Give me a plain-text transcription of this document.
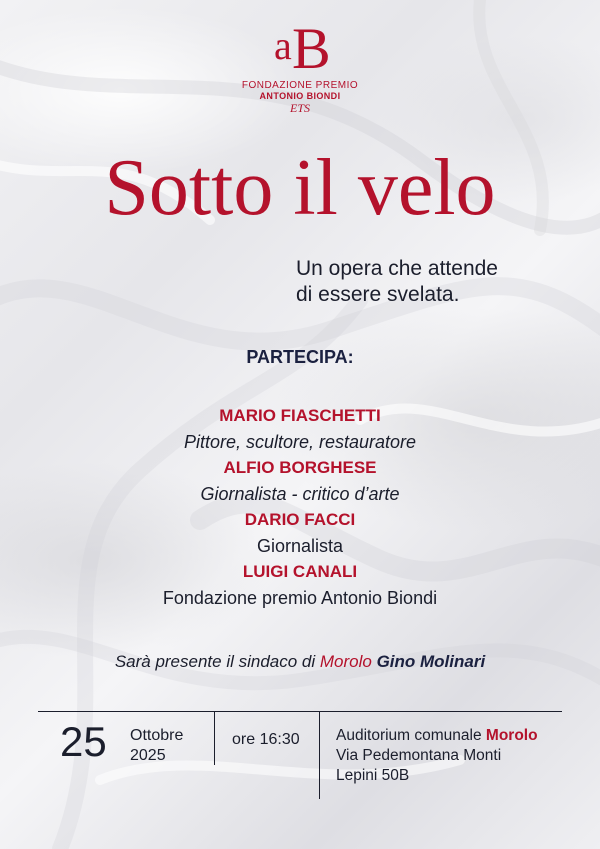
a B
FONDAZIONE PREMIO
ANTONIO BIONDI
ETS
Sotto il velo
Un opera che attende
di essere svelata.
PARTECIPA:
MARIO FIASCHETTI
Pittore, scultore, restauratore
ALFIO BORGHESE
Giornalista - critico d’arte
DARIO FACCI
Giornalista
LUIGI CANALI
Fondazione premio Antonio Biondi
Sarà presente il sindaco di Morolo Gino Molinari
25 Ottobre
2025
ore 16:30 Auditorium comunale Morolo
Via Pedemontana Monti
Lepini 50B
